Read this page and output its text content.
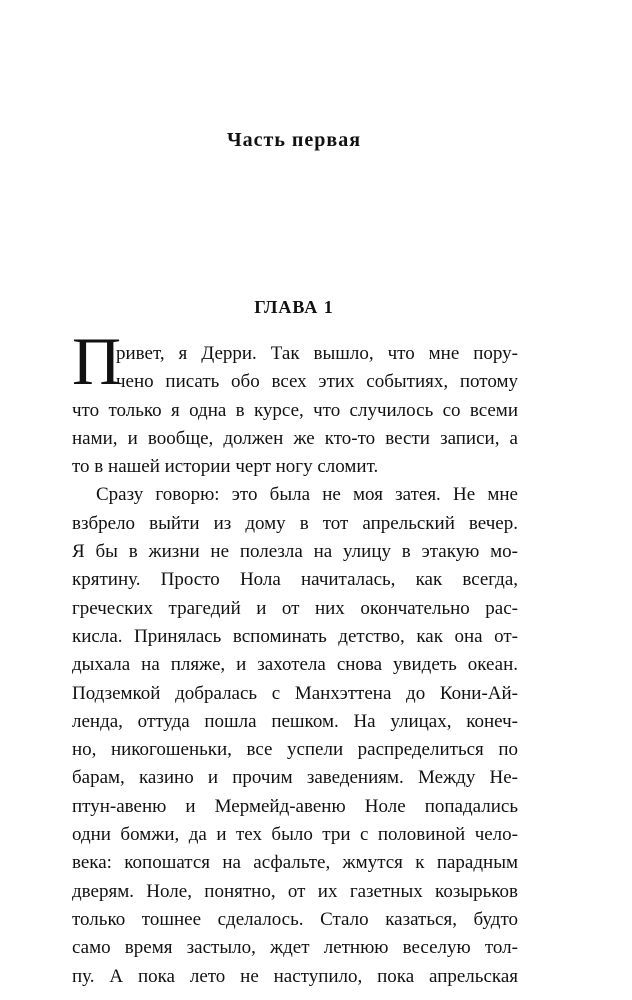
Часть первая
ГЛАВА 1
П
ривет, я Дерри. Так вышло, что мне пору-
чено писать обо всех этих событиях, потому
что только я одна в курсе, что случилось со всеми
нами, и вообще, должен же кто-то вести записи, а
то в нашей истории черт ногу сломит.
Сразу говорю: это была не моя затея. Не мне
взбрело выйти из дому в тот апрельский вечер.
Я бы в жизни не полезла на улицу в этакую мо-
крятину. Просто Нола начиталась, как всегда,
греческих трагедий и от них окончательно рас-
кисла. Принялась вспоминать детство, как она от-
дыхала на пляже, и захотела снова увидеть океан.
Подземкой добралась с Манхэттена до Кони-Ай-
ленда, оттуда пошла пешком. На улицах, конеч-
но, никогошеньки, все успели распределиться по
барам, казино и прочим заведениям. Между Не-
птун-авеню и Мермейд-авеню Ноле попадались
одни бомжи, да и тех было три с половиной чело-
века: копошатся на асфальте, жмутся к парадным
дверям. Ноле, понятно, от их газетных козырьков
только тошнее сделалось. Стало казаться, будто
само время застыло, ждет летнюю веселую тол-
пу. А пока лето не наступило, пока апрельская
